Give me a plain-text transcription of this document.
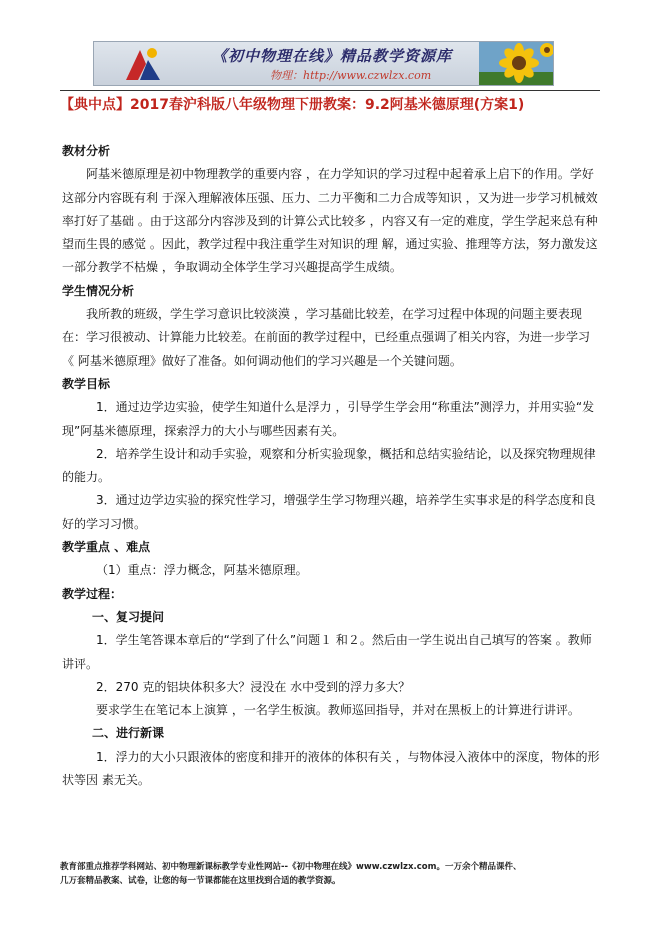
《初中物理在线》精品教学资源库
物理：http://www.czwlzx.com
【典中点】2017春沪科版八年级物理下册教案：9.2阿基米德原理(方案1)
教材分析
阿基米德原理是初中物理教学的重要内容 ，在力学知识的学习过程中起着承上启下的作用。学好这部分内容既有利 于深入理解液体压强、压力、二力平衡和二力合成等知识 ，又为进一步学习机械效率打好了基础 。由于这部分内容涉及到的计算公式比较多 ，内容又有一定的难度，学生学起来总有种望而生畏的感觉 。因此，教学过程中我注重学生对知识的理 解，通过实验、推理等方法，努力激发这一部分教学不枯燥 ，争取调动全体学生学习兴趣提高学生成绩。
学生情况分析
我所教的班级，学生学习意识比较淡漠 ，学习基础比较差，在学习过程中体现的问题主要表现在：学习很被动、计算能力比较差。在前面的教学过程中，已经重点强调了相关内容，为进一步学习《 阿基米德原理》做好了准备。如何调动他们的学习兴趣是一个关键问题。
教学目标
1．通过边学边实验，使学生知道什么是浮力 ，引导学生学会用“称重法”测浮力，并用实验“发现”阿基米德原理，探索浮力的大小与哪些因素有关。
2．培养学生设计和动手实验，观察和分析实验现象，概括和总结实验结论，以及探究物理规律的能力。
3．通过边学边实验的探究性学习，增强学生学习物理兴趣，培养学生实事求是的科学态度和良好的学习习惯。
教学重点 、难点
（1）重点：浮力概念，阿基米德原理。
教学过程：
一、复习提问
1．学生笔答课本章后的“学到了什么”问题１ 和２。然后由一学生说出自己填写的答案 。教师讲评。
2．270 克的铝块体积多大？浸没在 水中受到的浮力多大？
要求学生在笔记本上演算 ，一名学生板演。教师巡回指导，并对在黑板上的计算进行讲评。
二、进行新课
1．浮力的大小只跟液体的密度和排开的液体的体积有关 ，与物体浸入液体中的深度，物体的形状等因 素无关。
教育部重点推荐学科网站、初中物理新课标教学专业性网站--《初中物理在线》www.czwlzx.com。一万余个精品课件、
几万套精品教案、试卷，让您的每一节课都能在这里找到合适的教学资源。
